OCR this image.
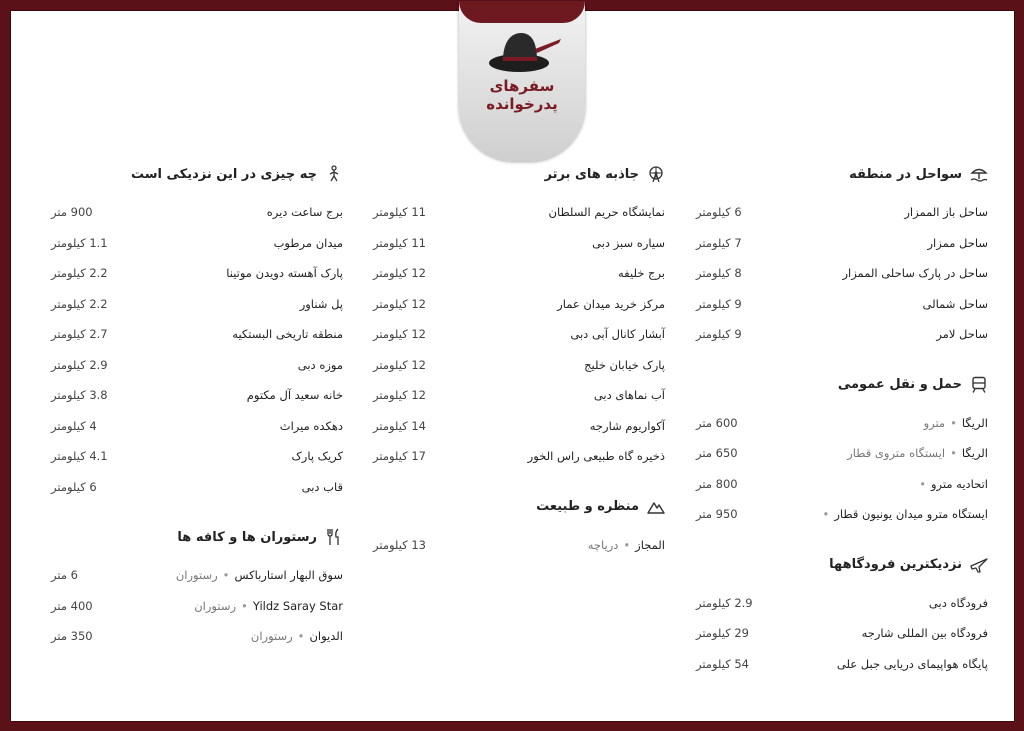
سفرهای
پدرخوانده
سواحل در منطقه
ساحل باز الممزار
6 کیلومتر
ساحل ممزار
7 کیلومتر
ساحل در پارک ساحلی الممزار
8 کیلومتر
ساحل شمالی
9 کیلومتر
ساحل لامر
9 کیلومتر
حمل و نقل عمومی
الریگا•مترو
600 متر
الریگا•ایستگاه متروی قطار
650 متر
اتحادیه مترو•
800 متر
ایستگاه مترو میدان یونیون قطار•
950 متر
نزدیکترین فرودگاهها
فرودگاه دبی
2.9 کیلومتر
فرودگاه بین المللی شارجه
29 کیلومتر
پایگاه هواپیمای دریایی جبل علی
54 کیلومتر
جاذبه های برتر
نمایشگاه حریم السلطان
11 کیلومتر
سیاره سبز دبی
11 کیلومتر
برج خلیفه
12 کیلومتر
مرکز خرید میدان عمار
12 کیلومتر
آبشار کانال آبی دبی
12 کیلومتر
پارک خیابان خلیج
12 کیلومتر
آب نماهای دبی
12 کیلومتر
آکواریوم شارجه
14 کیلومتر
ذخیره گاه طبیعی راس الخور
17 کیلومتر
منظره و طبیعت
المجاز•دریاچه
13 کیلومتر
چه چیزی در این نزدیکی است
برج ساعت دیره
900 متر
میدان مرطوب
1.1 کیلومتر
پارک آهسته دویدن موتینا
2.2 کیلومتر
پل شناور
2.2 کیلومتر
منطقه تاریخی البستکیه
2.7 کیلومتر
موزه دبی
2.9 کیلومتر
خانه سعید آل مکتوم
3.8 کیلومتر
دهکده میراث
4 کیلومتر
کریک پارک
4.1 کیلومتر
قاب دبی
6 کیلومتر
رستوران ها و کافه ها
سوق البهار استارباکس•رستوران
6 متر
Yildz Saray Star•رستوران
400 متر
الدیوان•رستوران
350 متر
